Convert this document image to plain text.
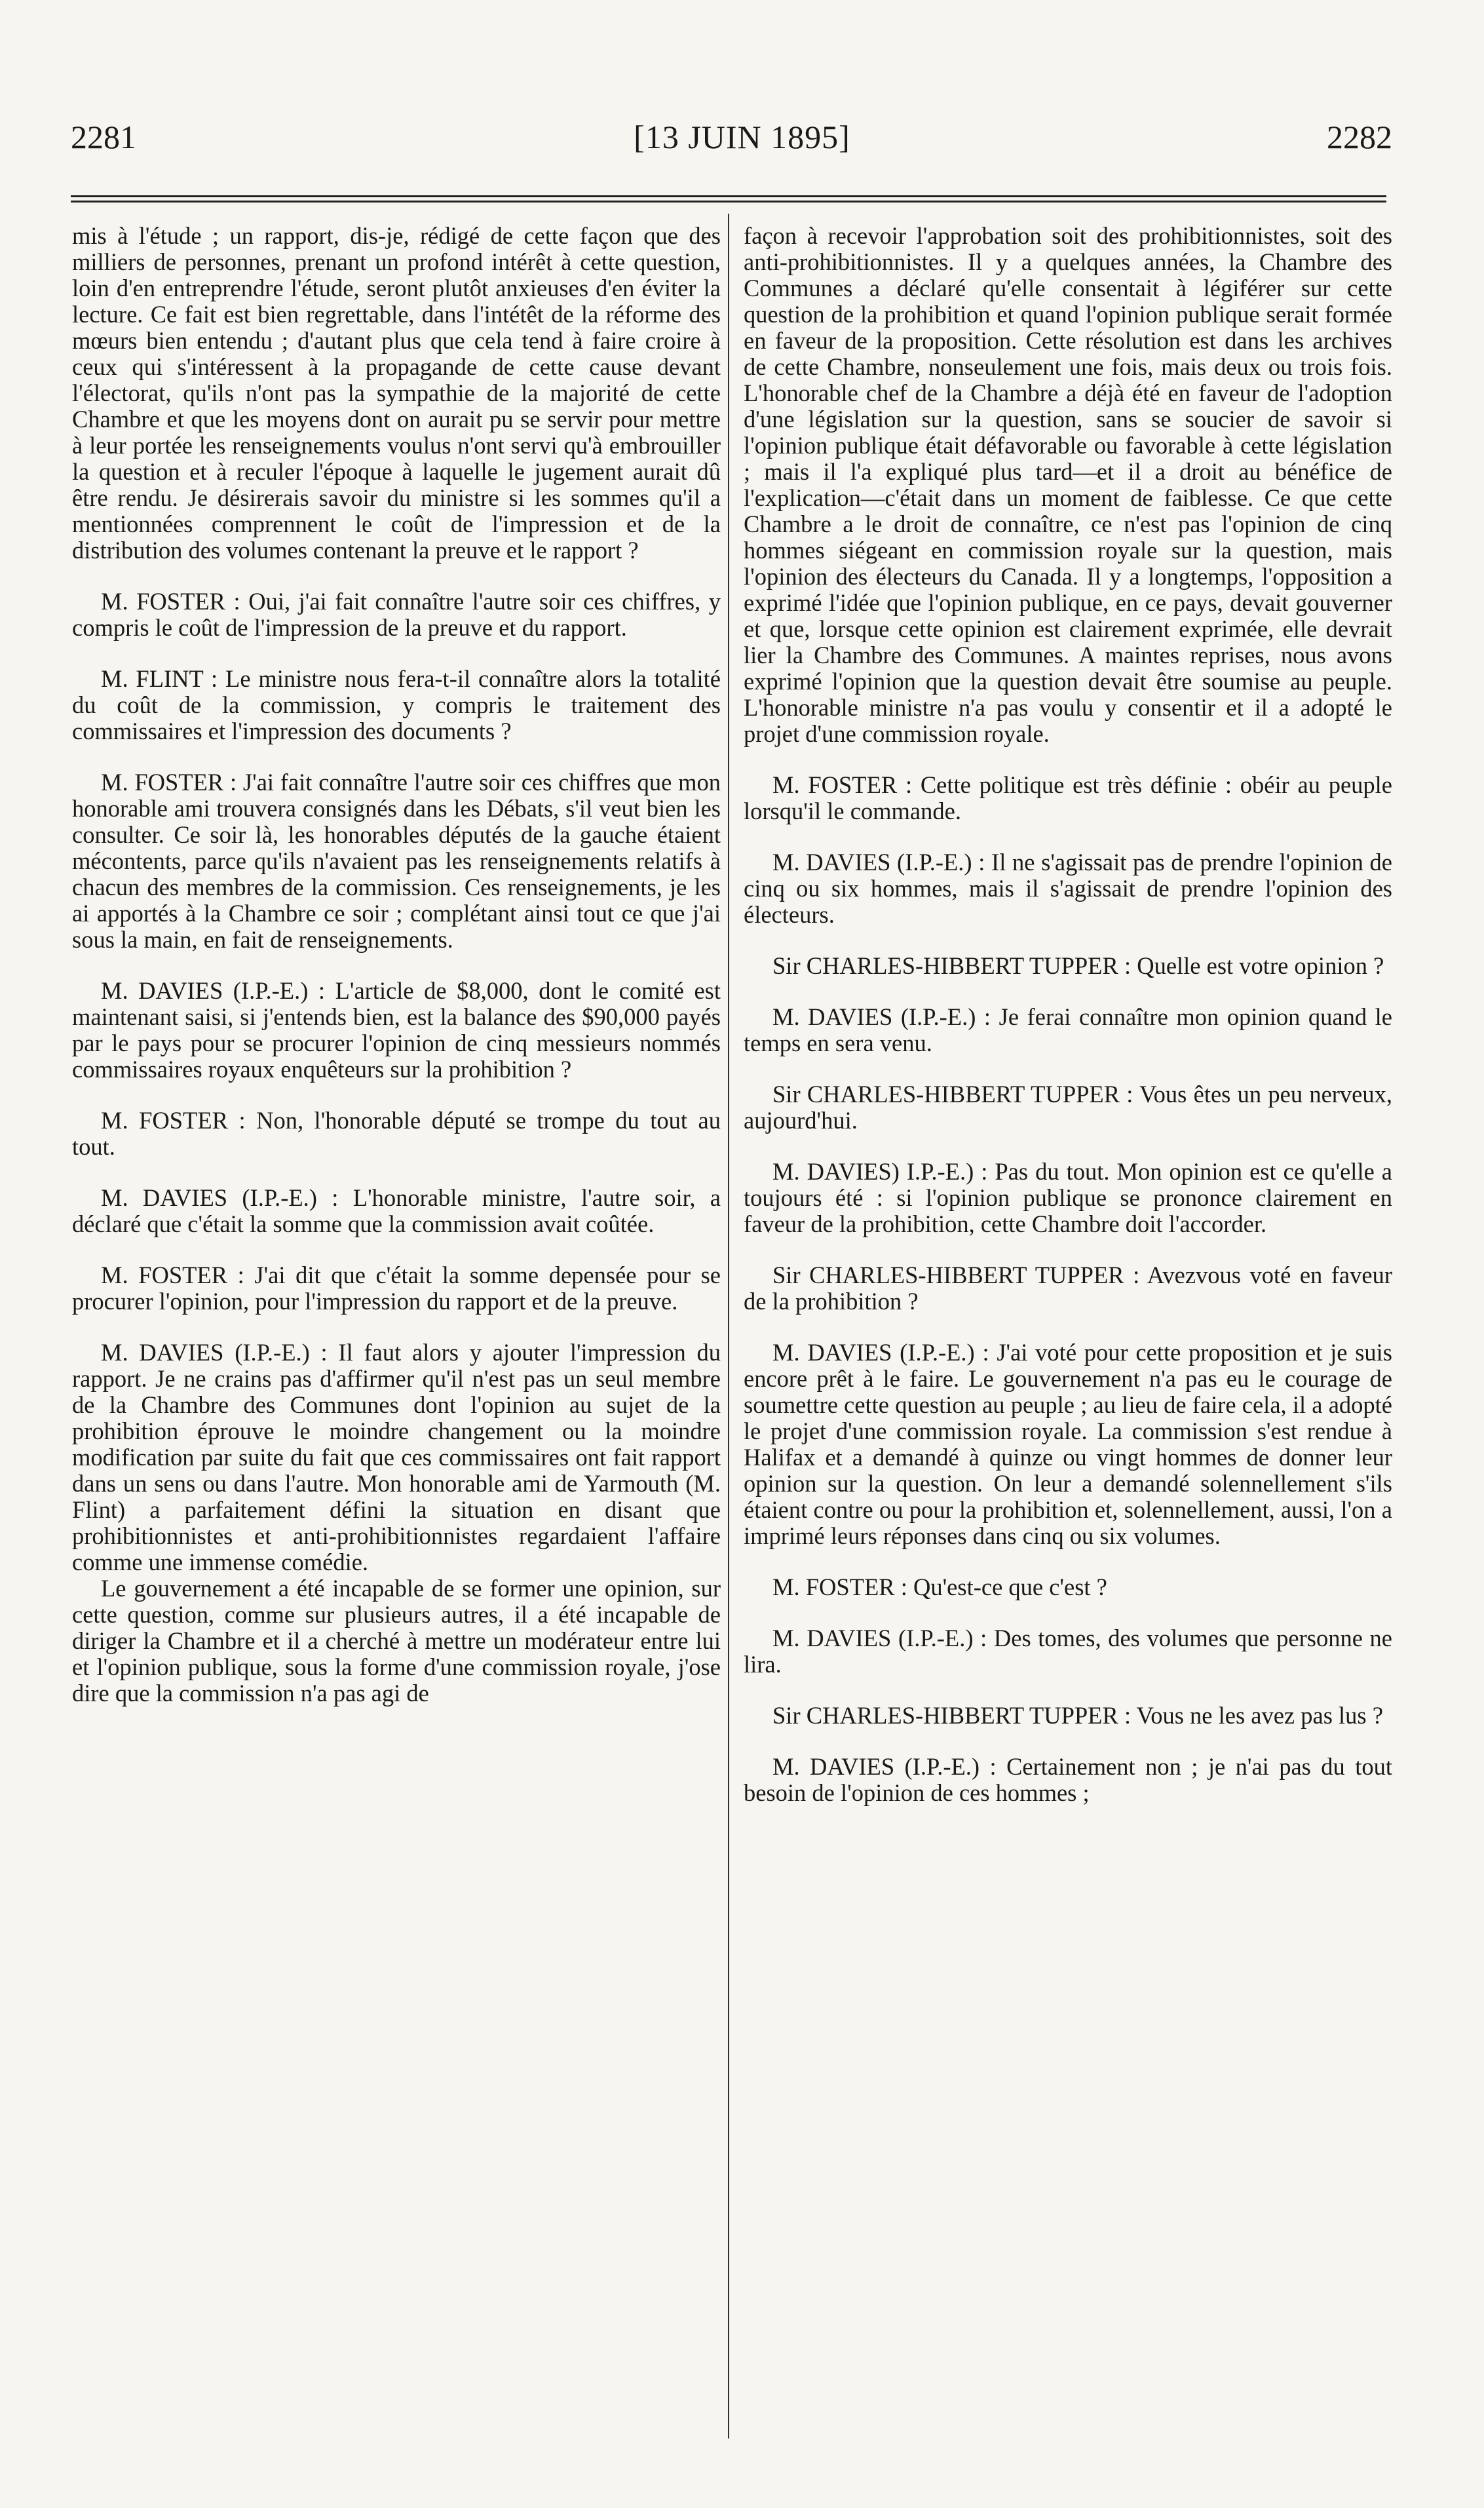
2281	[13 JUIN 1895]	2282

mis à l'étude ; un rapport, dis-je, rédigé de cette façon que des milliers de personnes, prenant un profond intérêt à cette question, loin d'en entreprendre l'étude, seront plutôt anxieuses d'en éviter la lecture. Ce fait est bien regrettable, dans l'intétêt de la réforme des mœurs bien entendu ; d'autant plus que cela tend à faire croire à ceux qui s'intéressent à la propagande de cette cause devant l'électorat, qu'ils n'ont pas la sympathie de la majorité de cette Chambre et que les moyens dont on aurait pu se servir pour mettre à leur portée les renseignements voulus n'ont servi qu'à embrouiller la question et à reculer l'époque à laquelle le jugement aurait dû être rendu. Je désirerais savoir du ministre si les sommes qu'il a mentionnées comprennent le coût de l'impression et de la distribution des volumes contenant la preuve et le rapport ?

M. FOSTER : Oui, j'ai fait connaître l'autre soir ces chiffres, y compris le coût de l'impression de la preuve et du rapport.

M. FLINT : Le ministre nous fera-t-il connaître alors la totalité du coût de la commission, y compris le traitement des commissaires et l'impression des documents ?

M. FOSTER : J'ai fait connaître l'autre soir ces chiffres que mon honorable ami trouvera consignés dans les Débats, s'il veut bien les consulter. Ce soir là, les honorables députés de la gauche étaient mécontents, parce qu'ils n'avaient pas les renseignements relatifs à chacun des membres de la commission. Ces renseignements, je les ai apportés à la Chambre ce soir ; complétant ainsi tout ce que j'ai sous la main, en fait de renseignements.

M. DAVIES (I.P.-E.) : L'article de $8,000, dont le comité est maintenant saisi, si j'entends bien, est la balance des $90,000 payés par le pays pour se procurer l'opinion de cinq messieurs nommés commissaires royaux enquêteurs sur la prohibition ?

M. FOSTER : Non, l'honorable député se trompe du tout au tout.

M. DAVIES (I.P.-E.) : L'honorable ministre, l'autre soir, a déclaré que c'était la somme que la commission avait coûtée.

M. FOSTER : J'ai dit que c'était la somme depensée pour se procurer l'opinion, pour l'impression du rapport et de la preuve.

M. DAVIES (I.P.-E.) : Il faut alors y ajouter l'impression du rapport. Je ne crains pas d'affirmer qu'il n'est pas un seul membre de la Chambre des Communes dont l'opinion au sujet de la prohibition éprouve le moindre changement ou la moindre modification par suite du fait que ces commissaires ont fait rapport dans un sens ou dans l'autre. Mon honorable ami de Yarmouth (M. Flint) a parfaitement défini la situation en disant que prohibitionnistes et anti-prohibitionnistes regardaient l'affaire comme une immense comédie.

Le gouvernement a été incapable de se former une opinion, sur cette question, comme sur plusieurs autres, il a été incapable de diriger la Chambre et il a cherché à mettre un modérateur entre lui et l'opinion publique, sous la forme d'une commission royale, j'ose dire que la commission n'a pas agi de

façon à recevoir l'approbation soit des prohibitionnistes, soit des anti-prohibitionnistes. Il y a quelques années, la Chambre des Communes a déclaré qu'elle consentait à légiférer sur cette question de la prohibition et quand l'opinion publique serait formée en faveur de la proposition. Cette résolution est dans les archives de cette Chambre, nonseulement une fois, mais deux ou trois fois. L'honorable chef de la Chambre a déjà été en faveur de l'adoption d'une législation sur la question, sans se soucier de savoir si l'opinion publique était défavorable ou favorable à cette législation ; mais il l'a expliqué plus tard—et il a droit au bénéfice de l'explication—c'était dans un moment de faiblesse. Ce que cette Chambre a le droit de connaître, ce n'est pas l'opinion de cinq hommes siégeant en commission royale sur la question, mais l'opinion des électeurs du Canada. Il y a longtemps, l'opposition a exprimé l'idée que l'opinion publique, en ce pays, devait gouverner et que, lorsque cette opinion est clairement exprimée, elle devrait lier la Chambre des Communes. A maintes reprises, nous avons exprimé l'opinion que la question devait être soumise au peuple. L'honorable ministre n'a pas voulu y consentir et il a adopté le projet d'une commission royale.

M. FOSTER : Cette politique est très définie : obéir au peuple lorsqu'il le commande.

M. DAVIES (I.P.-E.) : Il ne s'agissait pas de prendre l'opinion de cinq ou six hommes, mais il s'agissait de prendre l'opinion des électeurs.

Sir CHARLES-HIBBERT TUPPER : Quelle est votre opinion ?

M. DAVIES (I.P.-E.) : Je ferai connaître mon opinion quand le temps en sera venu.

Sir CHARLES-HIBBERT TUPPER : Vous êtes un peu nerveux, aujourd'hui.

M. DAVIES) I.P.-E.) : Pas du tout. Mon opinion est ce qu'elle a toujours été : si l'opinion publique se prononce clairement en faveur de la prohibition, cette Chambre doit l'accorder.

Sir CHARLES-HIBBERT TUPPER : Avezvous voté en faveur de la prohibition ?

M. DAVIES (I.P.-E.) : J'ai voté pour cette proposition et je suis encore prêt à le faire. Le gouvernement n'a pas eu le courage de soumettre cette question au peuple ; au lieu de faire cela, il a adopté le projet d'une commission royale. La commission s'est rendue à Halifax et a demandé à quinze ou vingt hommes de donner leur opinion sur la question. On leur a demandé solennellement s'ils étaient contre ou pour la prohibition et, solennellement, aussi, l'on a imprimé leurs réponses dans cinq ou six volumes.

M. FOSTER : Qu'est-ce que c'est ?

M. DAVIES (I.P.-E.) : Des tomes, des volumes que personne ne lira.

Sir CHARLES-HIBBERT TUPPER : Vous ne les avez pas lus ?

M. DAVIES (I.P.-E.) : Certainement non ; je n'ai pas du tout besoin de l'opinion de ces hommes ;
